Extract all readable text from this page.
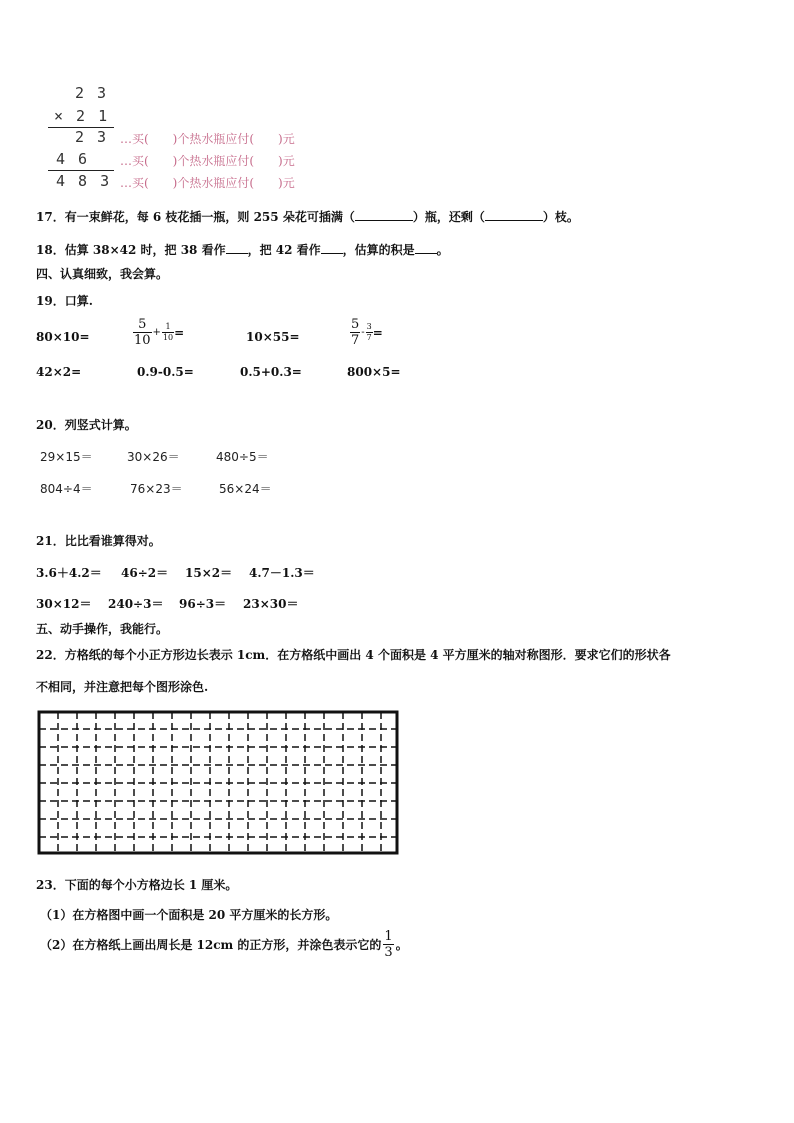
2 3
× 2 1
2 3 …买(　　)个热水瓶应付(　　)元
4 6	…买(　　)个热水瓶应付(　　)元
4 8 3 …买(　　)个热水瓶应付(　　)元
17．有一束鲜花，每 6 枝花插一瓶，则 255 朵花可插满（	）瓶，还剩（	）枝。
18．估算 38×42 时，把 38 看作 ，把 42 看作 ，估算的积是 。
四、认真细致，我会算。
19．口算.
80×10=	$\frac{5}{10} + \frac{1}{10}$ =	10×55=	$\frac{5}{7} - \frac{3}{7}$ =
42×2=	0.9-0.5=	0.5+0.3=	800×5=
20．列竖式计算。
29×15＝	30×26＝	480÷5＝
804÷4＝	76×23＝	56×24＝
21．比比看谁算得对。
3.6＋4.2＝ 46÷2＝ 15×2＝ 4.7－1.3＝
30×12＝ 240÷3＝ 96÷3＝ 23×30＝
五、动手操作，我能行。
22．方格纸的每个小正方形边长表示 1cm．在方格纸中画出 4 个面积是 4 平方厘米的轴对称图形．要求它们的形状各
不相同，并注意把每个图形涂色.
23．下面的每个小方格边长 1 厘米。
（1）在方格图中画一个面积是 20 平方厘米的长方形。
（2）在方格纸上画出周长是 12cm 的正方形，并涂色表示它的 $\frac{1}{3}$ 。
